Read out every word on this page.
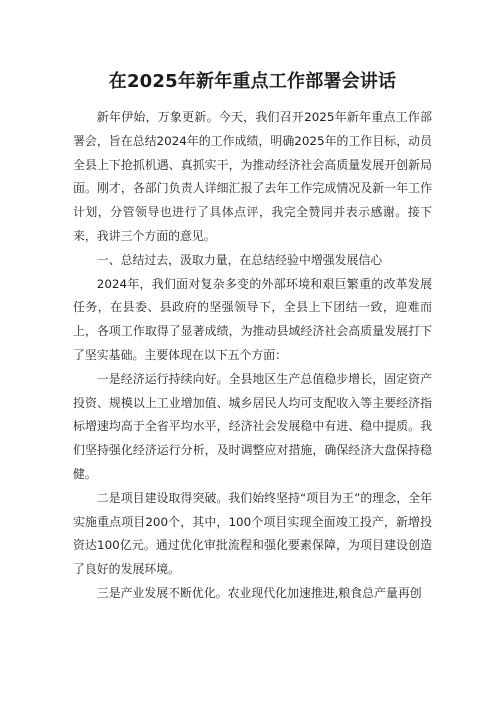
在2025年新年重点工作部署会讲话

新年伊始，万象更新。今天，我们召开2025年新年重点工作部署会，旨在总结2024年的工作成绩，明确2025年的工作目标，动员全县上下抢抓机遇、真抓实干，为推动经济社会高质量发展开创新局面。刚才，各部门负责人详细汇报了去年工作完成情况及新一年工作计划，分管领导也进行了具体点评，我完全赞同并表示感谢。接下来，我讲三个方面的意见。

一、总结过去，汲取力量，在总结经验中增强发展信心

2024年，我们面对复杂多变的外部环境和艰巨繁重的改革发展任务，在县委、县政府的坚强领导下，全县上下团结一致，迎难而上，各项工作取得了显著成绩，为推动县域经济社会高质量发展打下了坚实基础。主要体现在以下五个方面：

一是经济运行持续向好。全县地区生产总值稳步增长，固定资产投资、规模以上工业增加值、城乡居民人均可支配收入等主要经济指标增速均高于全省平均水平，经济社会发展稳中有进、稳中提质。我们坚持强化经济运行分析，及时调整应对措施，确保经济大盘保持稳健。

二是项目建设取得突破。我们始终坚持“项目为王”的理念，全年实施重点项目200个，其中，100个项目实现全面竣工投产，新增投资达100亿元。通过优化审批流程和强化要素保障，为项目建设创造了良好的发展环境。

三是产业发展不断优化。农业现代化加速推进,粮食总产量再创
